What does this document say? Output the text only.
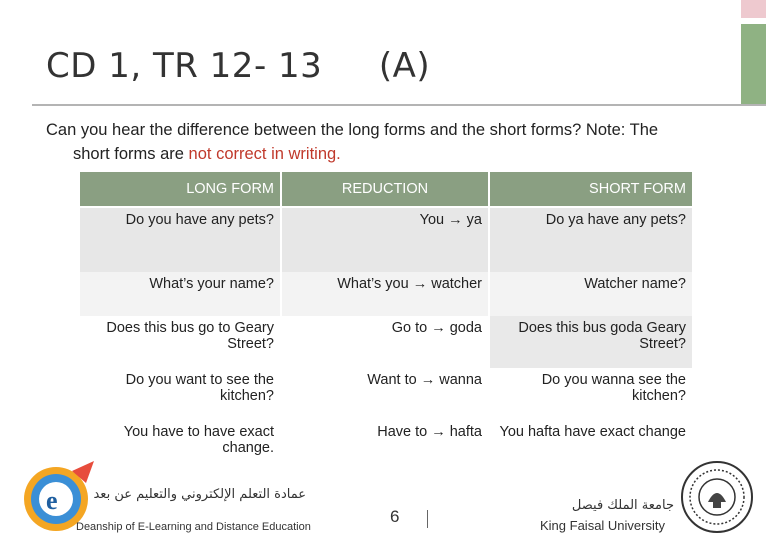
CD 1, TR 12- 13     (A)
Can you hear the difference between the long forms and the short forms? Note: The
short forms are not correct in writing.
LONG FORM	REDUCTION	SHORT FORM
Do you have any pets?	You → ya	Do ya have any pets?
What’s your name?	What’s you → watcher	Watcher name?
Does this bus go to Geary Street?	Go to → goda	Does this bus goda Geary Street?
Do you want to see the kitchen?	Want to → wanna	Do you wanna see the kitchen?
You have to have exact change.	Have to → hafta	You hafta have exact change
e	عمادة التعلم الإلكتروني والتعليم عن بعد
Deanship of E-Learning and Distance Education
6
جامعة الملك فيصل
King Faisal University
